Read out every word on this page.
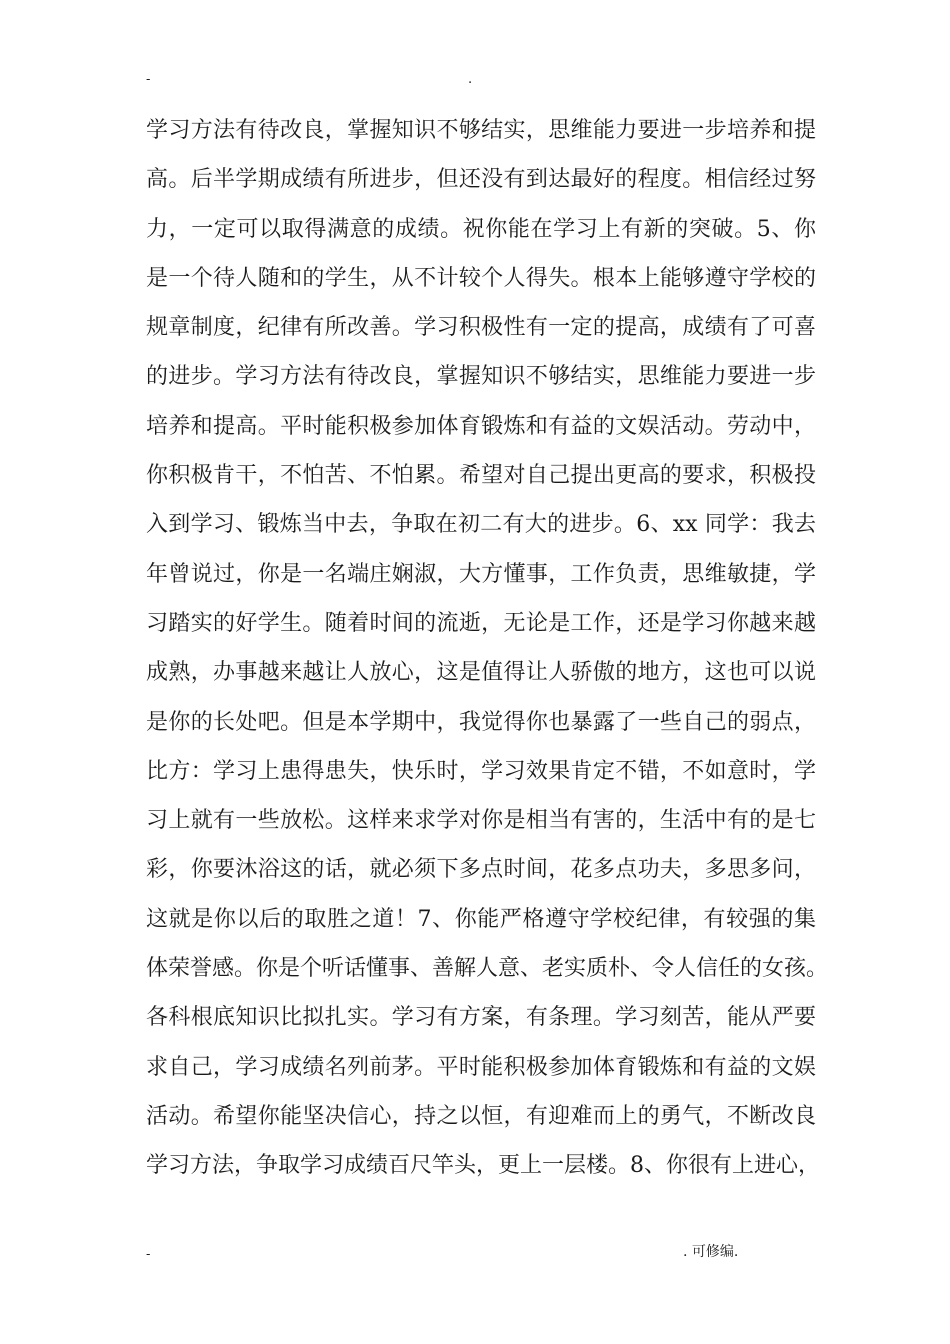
-	.
学习方法有待改良，掌握知识不够结实，思维能力要进一步培养和提
高。后半学期成绩有所进步，但还没有到达最好的程度。相信经过努
力，一定可以取得满意的成绩。祝你能在学习上有新的突破。5、你
是一个待人随和的学生，从不计较个人得失。根本上能够遵守学校的
规章制度，纪律有所改善。学习积极性有一定的提高，成绩有了可喜
的进步。学习方法有待改良，掌握知识不够结实，思维能力要进一步
培养和提高。平时能积极参加体育锻炼和有益的文娱活动。劳动中，
你积极肯干，不怕苦、不怕累。希望对自己提出更高的要求，积极投
入到学习、锻炼当中去，争取在初二有大的进步。6、xx 同学：我去
年曾说过，你是一名端庄娴淑，大方懂事，工作负责，思维敏捷，学
习踏实的好学生。随着时间的流逝，无论是工作，还是学习你越来越
成熟，办事越来越让人放心，这是值得让人骄傲的地方，这也可以说
是你的长处吧。但是本学期中，我觉得你也暴露了一些自己的弱点，
比方：学习上患得患失，快乐时，学习效果肯定不错，不如意时，学
习上就有一些放松。这样来求学对你是相当有害的，生活中有的是七
彩，你要沐浴这的话，就必须下多点时间，花多点功夫，多思多问，
这就是你以后的取胜之道！7、你能严格遵守学校纪律，有较强的集
体荣誉感。你是个听话懂事、善解人意、老实质朴、令人信任的女孩。
各科根底知识比拟扎实。学习有方案，有条理。学习刻苦，能从严要
求自己，学习成绩名列前茅。平时能积极参加体育锻炼和有益的文娱
活动。希望你能坚决信心，持之以恒，有迎难而上的勇气，不断改良
学习方法，争取学习成绩百尺竿头，更上一层楼。8、你很有上进心，
-	. 可修编.
